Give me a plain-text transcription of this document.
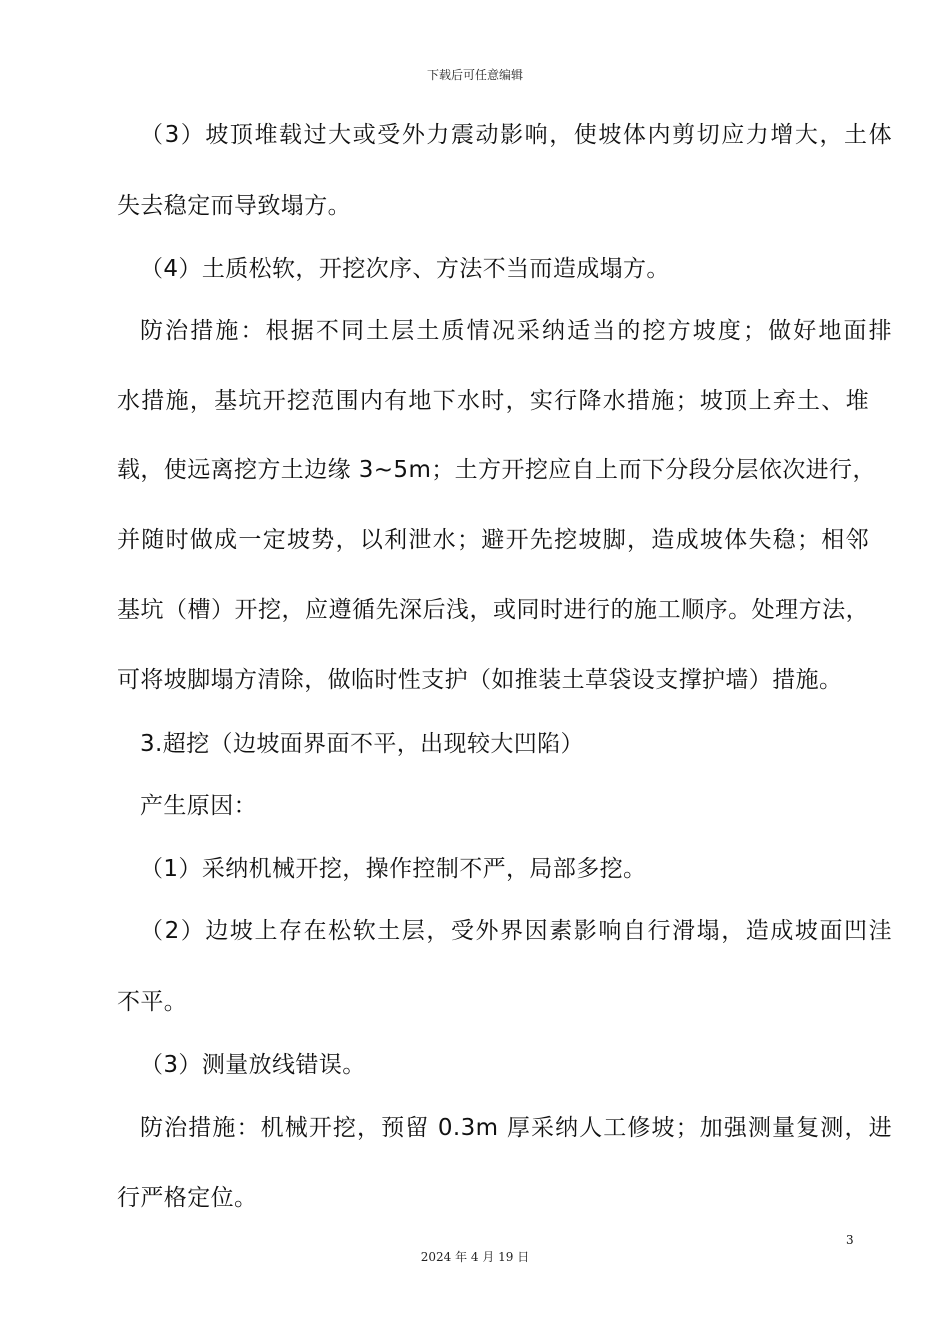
下载后可任意编辑
（3）坡顶堆载过大或受外力震动影响，使坡体内剪切应力增大，土体
失去稳定而导致塌方。
（4）土质松软，开挖次序、方法不当而造成塌方。
防治措施：根据不同土层土质情况采纳适当的挖方坡度；做好地面排
水措施，基坑开挖范围内有地下水时，实行降水措施；坡顶上弃土、堆
载，使远离挖方土边缘 3~5m；土方开挖应自上而下分段分层依次进行，
并随时做成一定坡势，以利泄水；避开先挖坡脚，造成坡体失稳；相邻
基坑（槽）开挖，应遵循先深后浅，或同时进行的施工顺序。处理方法，
可将坡脚塌方清除，做临时性支护（如推装土草袋设支撑护墙）措施。
3.超挖（边坡面界面不平，出现较大凹陷）
产生原因：
（1）采纳机械开挖，操作控制不严，局部多挖。
（2）边坡上存在松软土层，受外界因素影响自行滑塌，造成坡面凹洼
不平。
（3）测量放线错误。
防治措施：机械开挖，预留 0.3m 厚采纳人工修坡；加强测量复测，进
行严格定位。
3
2024 年 4 月 19 日
